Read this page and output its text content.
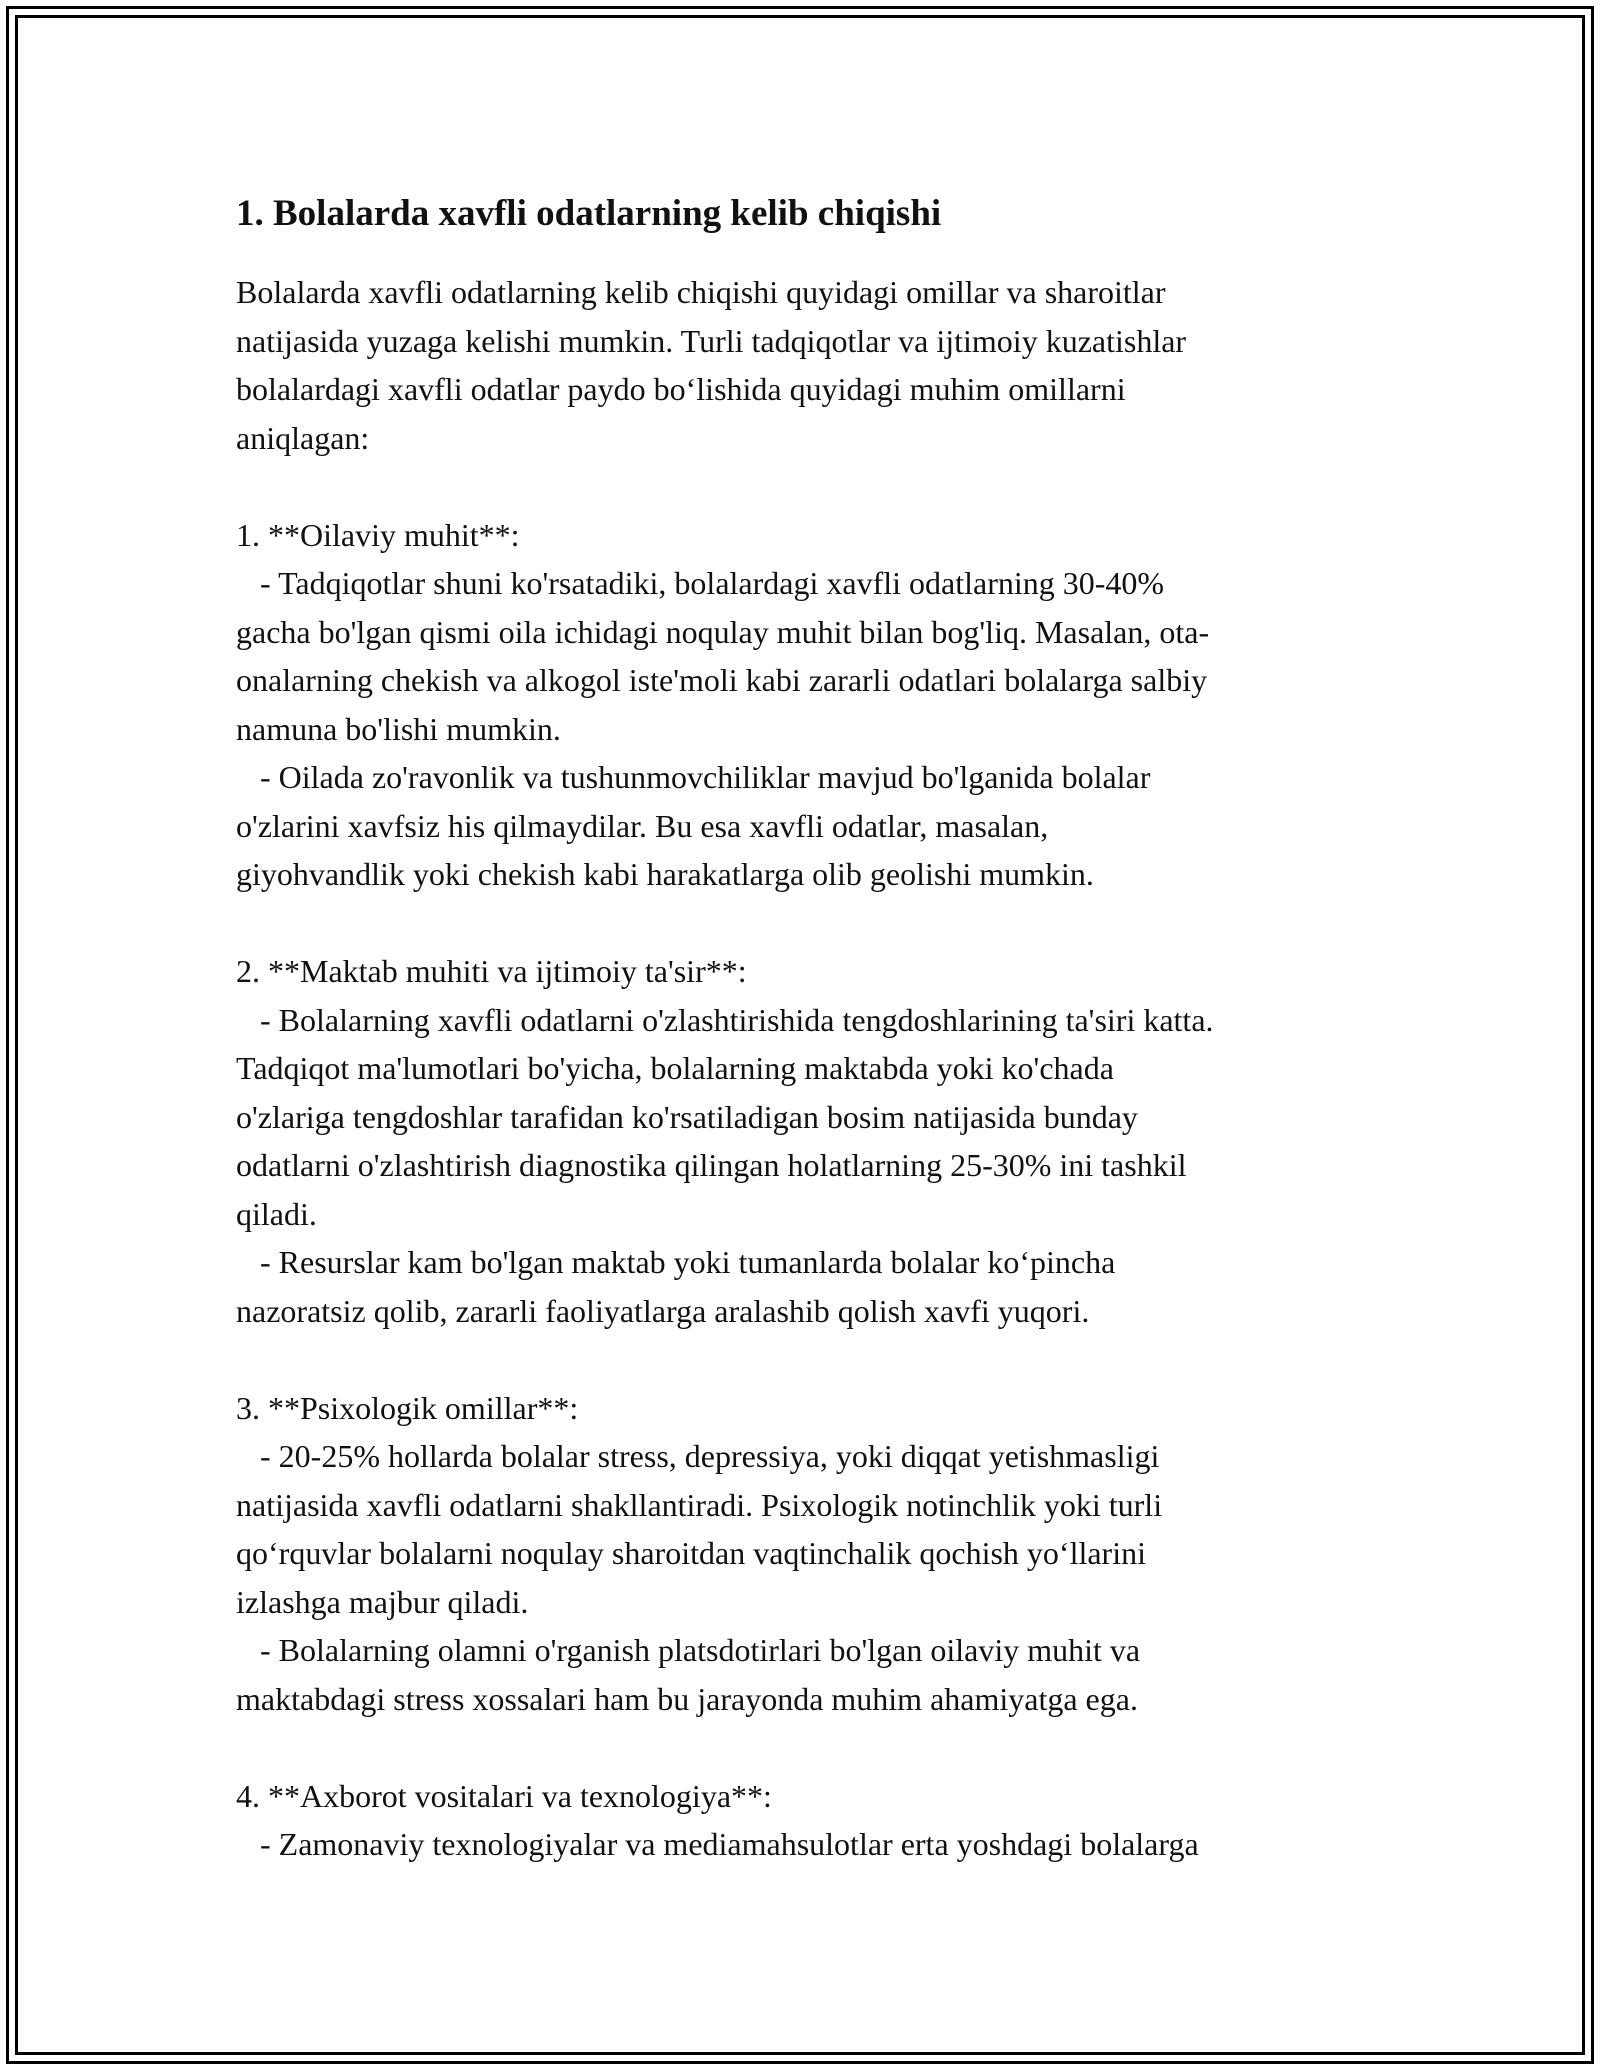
1. Bolalarda xavfli odatlarning kelib chiqishi

Bolalarda xavfli odatlarning kelib chiqishi quyidagi omillar va sharoitlar

natijasida yuzaga kelishi mumkin. Turli tadqiqotlar va ijtimoiy kuzatishlar

bolalardagi xavfli odatlar paydo bo‘lishida quyidagi muhim omillarni

aniqlagan:

1. **Oilaviy muhit**:

- Tadqiqotlar shuni ko'rsatadiki, bolalardagi xavfli odatlarning 30-40%

gacha bo'lgan qismi oila ichidagi noqulay muhit bilan bog'liq. Masalan, ota-

onalarning chekish va alkogol iste'moli kabi zararli odatlari bolalarga salbiy

namuna bo'lishi mumkin.

- Oilada zo'ravonlik va tushunmovchiliklar mavjud bo'lganida bolalar

o'zlarini xavfsiz his qilmaydilar. Bu esa xavfli odatlar, masalan,

giyohvandlik yoki chekish kabi harakatlarga olib geolishi mumkin.

2. **Maktab muhiti va ijtimoiy ta'sir**:

- Bolalarning xavfli odatlarni o'zlashtirishida tengdoshlarining ta'siri katta.

Tadqiqot ma'lumotlari bo'yicha, bolalarning maktabda yoki ko'chada

o'zlariga tengdoshlar tarafidan ko'rsatiladigan bosim natijasida bunday

odatlarni o'zlashtirish diagnostika qilingan holatlarning 25-30% ini tashkil

qiladi.

- Resurslar kam bo'lgan maktab yoki tumanlarda bolalar ko‘pincha

nazoratsiz qolib, zararli faoliyatlarga aralashib qolish xavfi yuqori.

3. **Psixologik omillar**:

- 20-25% hollarda bolalar stress, depressiya, yoki diqqat yetishmasligi

natijasida xavfli odatlarni shakllantiradi. Psixologik notinchlik yoki turli

qo‘rquvlar bolalarni noqulay sharoitdan vaqtinchalik qochish yo‘llarini

izlashga majbur qiladi.

- Bolalarning olamni o'rganish platsdotirlari bo'lgan oilaviy muhit va

maktabdagi stress xossalari ham bu jarayonda muhim ahamiyatga ega.

4. **Axborot vositalari va texnologiya**:

- Zamonaviy texnologiyalar va mediamahsulotlar erta yoshdagi bolalarga
